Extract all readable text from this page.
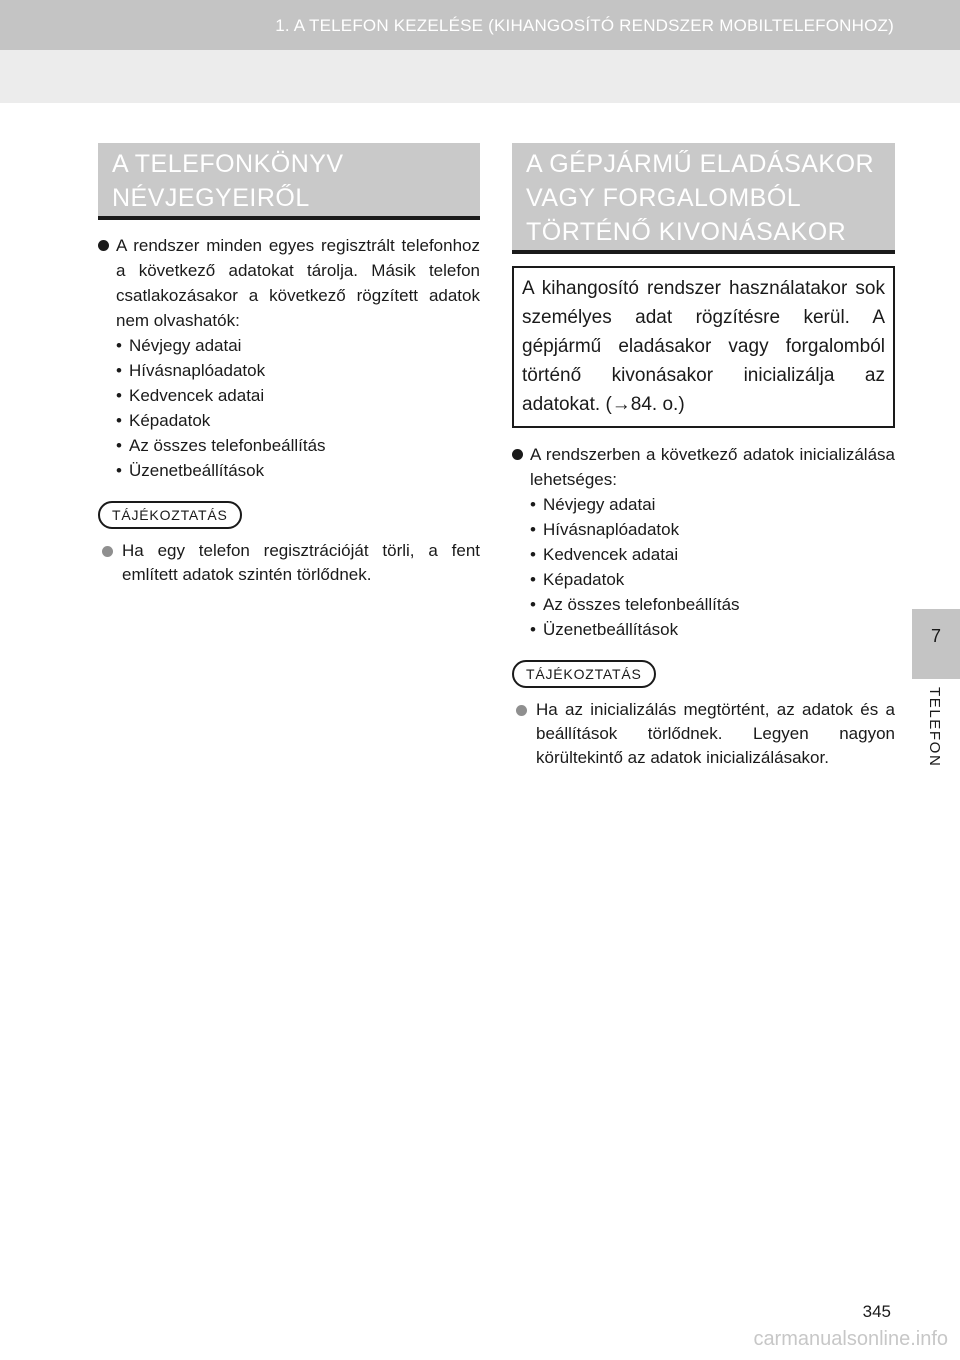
1. A TELEFON KEZELÉSE (KIHANGOSÍTÓ RENDSZER MOBILTELEFONHOZ)
A TELEFONKÖNYV
NÉVJEGYEIRŐL
A rendszer minden egyes regisztrált telefonhoz a következő adatokat tárolja. Másik telefon csatlakozásakor a következő rögzített adatok nem olvashatók:
• Névjegy adatai
• Hívásnaplóadatok
• Kedvencek adatai
• Képadatok
• Az összes telefonbeállítás
• Üzenetbeállítások
TÁJÉKOZTATÁS
Ha egy telefon regisztrációját törli, a fent említett adatok szintén törlődnek.
A GÉPJÁRMŰ ELADÁSAKOR
VAGY FORGALOMBÓL
TÖRTÉNŐ KIVONÁSAKOR
A kihangosító rendszer használatakor sok személyes adat rögzítésre kerül. A gépjármű eladásakor vagy forgalomból történő kivonásakor inicializálja az adatokat. (→84. o.)
A rendszerben a következő adatok inicializálása lehetséges:
• Névjegy adatai
• Hívásnaplóadatok
• Kedvencek adatai
• Képadatok
• Az összes telefonbeállítás
• Üzenetbeállítások
TÁJÉKOZTATÁS
Ha az inicializálás megtörtént, az adatok és a beállítások törlődnek. Legyen nagyon körültekintő az adatok inicializálásakor.
7
TELEFON
345
carmanualsonline.info
